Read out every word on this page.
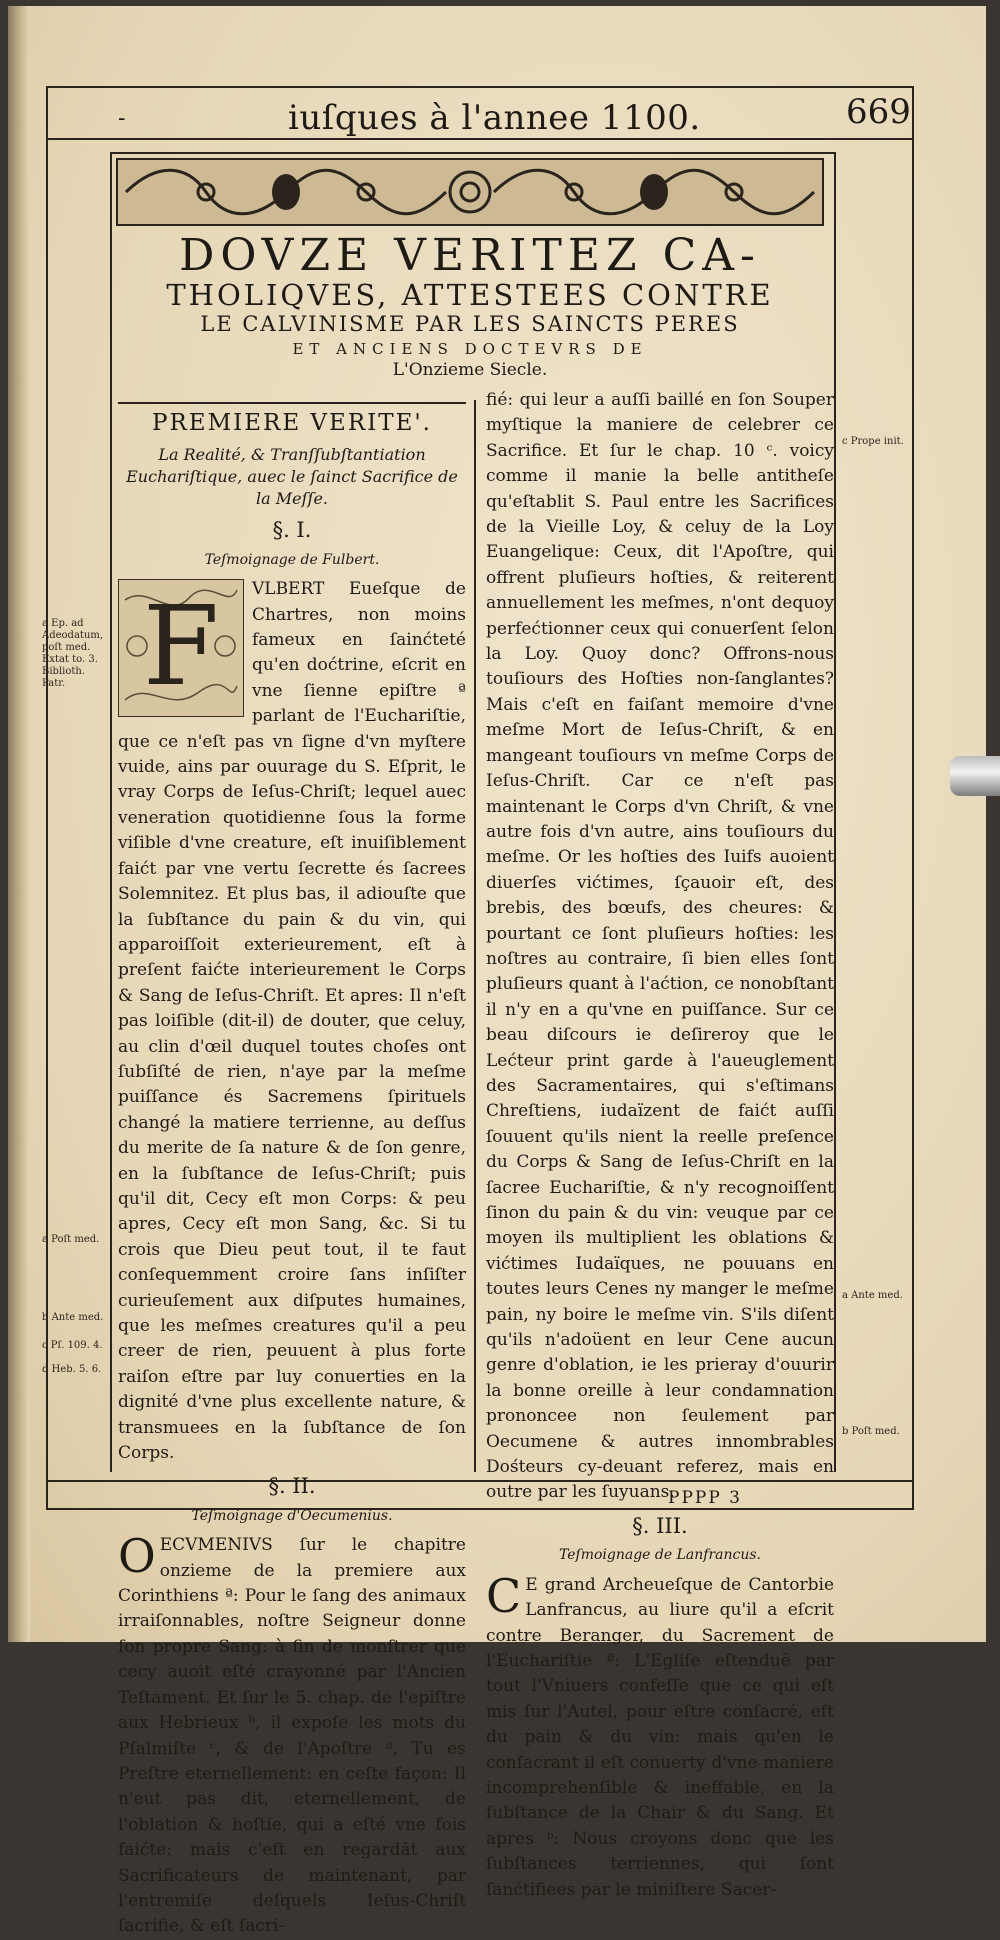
-	iuſques à l'annee 1100.	669
DOVZE VERITEZ CA-
THOLIQVES, ATTESTEES CONTRE
LE CALVINISME PAR LES SAINCTS PERES
ET ANCIENS DOCTEVRS DE
L'Onzieme Siecle.
PREMIERE VERITE'.
La Realité, & Tranſſubſtantiation Euchariſtique, auec le ſainct Sacrifice de la Meſſe.
§. I.
Teſmoignage de Fulbert.
F	VLBERT Eueſque de Chartres, non moins fameux en ſainćteté qu'en doćtrine, eſcrit en vne ſienne epiſtre ª parlant de l'Euchariſtie, que ce n'eſt pas vn ſigne d'vn myſtere vuide, ains par ouurage du S. Eſprit, le vray Corps de Ieſus-Chriſt; lequel auec veneration quotidienne ſous la forme viſible d'vne creature, eſt inuiſiblement faićt par vne vertu ſecrette és ſacrees Solemnitez. Et plus bas, il adiouſte que la ſubſtance du pain & du vin, qui apparoiſſoit exterieurement, eſt à preſent faićte interieurement le Corps & Sang de Ieſus-Chriſt. Et apres: Il n'eſt pas loiſible (dit-il) de douter, que celuy, au clin d'œil duquel toutes choſes ont ſubſiſté de rien, n'aye par la meſme puiſſance és Sacremens ſpirituels changé la matiere terrienne, au deſſus du merite de ſa nature & de ſon genre, en la ſubſtance de Ieſus-Chriſt; puis qu'il dit, Cecy eſt mon Corps: & peu apres, Cecy eſt mon Sang, &c. Si tu crois que Dieu peut tout, il te faut conſequemment croire ſans inſiſter curieuſement aux diſputes humaines, que les meſmes creatures qu'il a peu creer de rien, peuuent à plus forte raiſon eſtre par luy conuerties en la dignité d'vne plus excellente nature, & transmuees en la ſubſtance de ſon Corps.

§. II.
Teſmoignage d'Oecumenius.
O ECVMENIVS ſur le chapitre onzieme de la premiere aux Corinthiens ª: Pour le ſang des animaux irraiſonnables, noſtre Seigneur donne ſon propre Sang: à fin de monſtrer que cecy auoit eſté crayonné par l'Ancien Teſtament. Et ſur le 5. chap. de l'epiſtre aux Hebrieux ᵇ, il expoſe les mots du Pſalmiſte ᶜ, & de l'Apoſtre ᵈ, Tu es Preſtre eternellement: en ceſte façon: Il n'eut pas dit, eternellement, de l'oblation & hoſtie, qui a eſté vne fois faićte: mais c'eſt en regardāt aux Sacrificateurs de maintenant, par l'entremiſe deſquels Ieſus-Chriſt ſacrifie, & eſt ſacri-

fié: qui leur a auſſi baillé en ſon Souper myſtique la maniere de celebrer ce Sacrifice. Et ſur le chap. 10 ᶜ. voicy comme il manie la belle antitheſe qu'eſtablit S. Paul entre les Sacrifices de la Vieille Loy, & celuy de la Loy Euangelique: Ceux, dit l'Apoſtre, qui offrent pluſieurs hoſties, & reiterent annuellement les meſmes, n'ont dequoy perfećtionner ceux qui conuerſent ſelon la Loy. Quoy donc? Offrons-nous touſiours des Hoſties non-ſanglantes? Mais c'eſt en faiſant memoire d'vne meſme Mort de Ieſus-Chriſt, & en mangeant touſiours vn meſme Corps de Ieſus-Chriſt. Car ce n'eſt pas maintenant le Corps d'vn Chriſt, & vne autre fois d'vn autre, ains touſiours du meſme. Or les hoſties des Iuifs auoient diuerſes vićtimes, ſçauoir eſt, des brebis, des bœufs, des cheures: & pourtant ce ſont pluſieurs hoſties: les noſtres au contraire, ſi bien elles ſont pluſieurs quant à l'aćtion, ce nonobſtant il n'y en a qu'vne en puiſſance. Sur ce beau diſcours ie deſireroy que le Lećteur print garde à l'aueuglement des Sacramentaires, qui s'eſtimans Chreſtiens, iudaïzent de faićt auſſi ſouuent qu'ils nient la reelle preſence du Corps & Sang de Ieſus-Chriſt en la ſacree Euchariſtie, & n'y recognoiſſent ſinon du pain & du vin: veuque par ce moyen ils multiplient les oblations & vićtimes Iudaïques, ne pouuans en toutes leurs Cenes ny manger le meſme pain, ny boire le meſme vin. S'ils diſent qu'ils n'adoüent en leur Cene aucun genre d'oblation, ie les prieray d'ouurir la bonne oreille à leur condamnation prononcee non ſeulement par Oecumene & autres innombrables Dośteurs cy-deuant referez, mais en outre par les ſuyuans.

§. III.
Teſmoignage de Lanfrancus.
C E grand Archeueſque de Cantorbie Lanfrancus, au liure qu'il a eſcrit contre Beranger, du Sacrement de l'Euchariſtie ª: L'Egliſe eſtenduë par tout l'Vniuers confeſſe que ce qui eſt mis ſur l'Autel, pour eſtre conſacré, eſt du pain & du vin: mais qu'en le conſacrant il eſt conuerty d'vne maniere incomprehenſible & ineffable, en la ſubſtance de la Chair & du Sang. Et apres ᵇ: Nous croyons donc que les ſubſtances terriennes, qui ſont ſanćtifiees par le miniſtere Sacer-

a Ep. ad Adeodatum, poſt med. Extat to. 3. Biblioth. Patr.
a Poſt med.
b Ante med.
c Pſ. 109. 4.
d Heb. 5. 6.
c Prope init.
a Ante med.
b Poſt med.
PPPP 3
